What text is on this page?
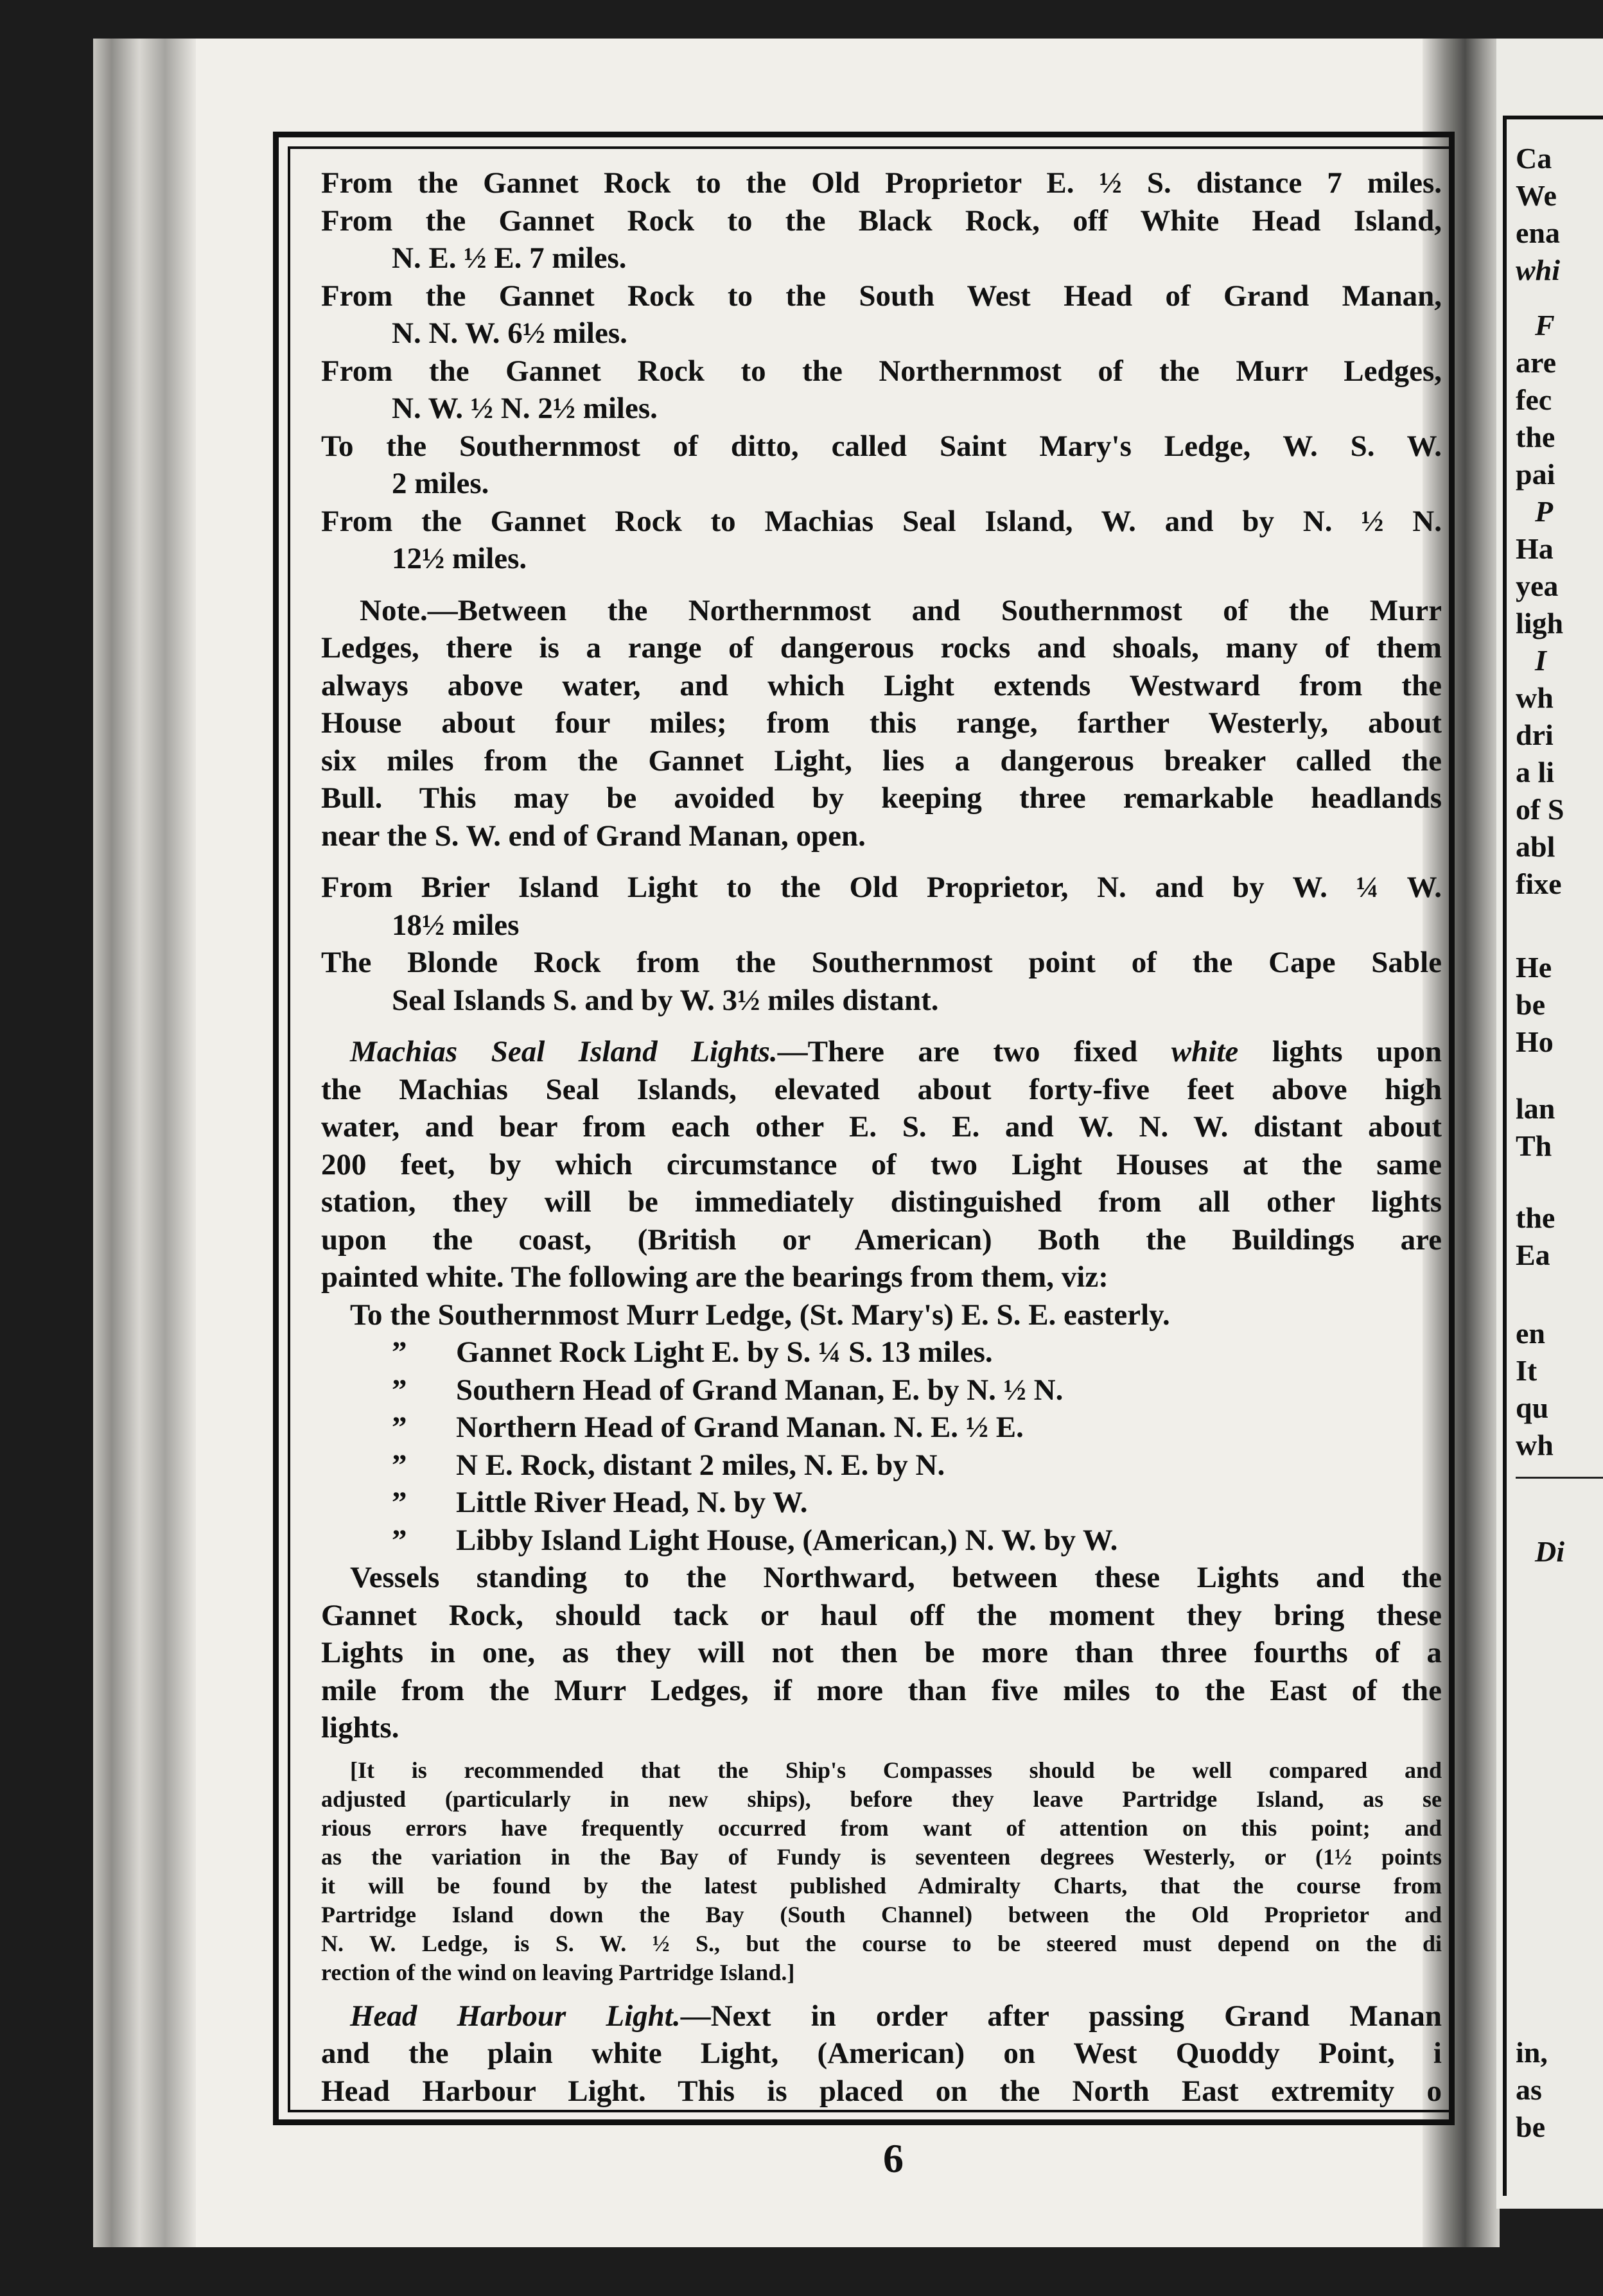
Ca
We
ena
whi
F
are
fec
the
pai
P
Ha
yea
ligh
I
wh
dri
a li
of S
abl
fixe
He
be
Ho
lan
Th
the
Ea
en
It
qu
wh
Di
in,
as
be
From the Gannet Rock to the Old Proprietor E. ½ S. distance 7 miles.
From the Gannet Rock to the Black Rock, off White Head Island,
N. E. ½ E. 7 miles.
From the Gannet Rock to the South West Head of Grand Manan,
N. N. W. 6½ miles.
From the Gannet Rock to the Northernmost of the Murr Ledges,
N. W. ½ N. 2½ miles.
To the Southernmost of ditto, called Saint Mary's Ledge, W. S. W.
2 miles.
From the Gannet Rock to Machias Seal Island, W. and by N. ½ N.
12½ miles.
Note.—Between the Northernmost and Southernmost of the Murr
Ledges, there is a range of dangerous rocks and shoals, many of them
always above water, and which Light extends Westward from the
House about four miles; from this range, farther Westerly, about
six miles from the Gannet Light, lies a dangerous breaker called the
Bull. This may be avoided by keeping three remarkable headlands
near the S. W. end of Grand Manan, open.
From Brier Island Light to the Old Proprietor, N. and by W. ¼ W.
18½ miles
The Blonde Rock from the Southernmost point of the Cape Sable
Seal Islands S. and by W. 3½ miles distant.
Machias Seal Island Lights.—There are two fixed white lights upon
the Machias Seal Islands, elevated about forty-five feet above high
water, and bear from each other E. S. E. and W. N. W. distant about
200 feet, by which circumstance of two Light Houses at the same
station, they will be immediately distinguished from all other lights
upon the coast, (British or American) Both the Buildings are
painted white. The following are the bearings from them, viz:
To the Southernmost Murr Ledge, (St. Mary's) E. S. E. easterly.
” Gannet Rock Light E. by S. ¼ S. 13 miles.
” Southern Head of Grand Manan, E. by N. ½ N.
” Northern Head of Grand Manan. N. E. ½ E.
” N E. Rock, distant 2 miles, N. E. by N.
” Little River Head, N. by W.
” Libby Island Light House, (American,) N. W. by W.
Vessels standing to the Northward, between these Lights and the
Gannet Rock, should tack or haul off the moment they bring these
Lights in one, as they will not then be more than three fourths of a
mile from the Murr Ledges, if more than five miles to the East of the
lights.
[It is recommended that the Ship's Compasses should be well compared and
adjusted (particularly in new ships), before they leave Partridge Island, as se
rious errors have frequently occurred from want of attention on this point; and
as the variation in the Bay of Fundy is seventeen degrees Westerly, or (1½ points
it will be found by the latest published Admiralty Charts, that the course from
Partridge Island down the Bay (South Channel) between the Old Proprietor and
N. W. Ledge, is S. W. ½ S., but the course to be steered must depend on the di
rection of the wind on leaving Partridge Island.]
Head Harbour Light.—Next in order after passing Grand Manan
and the plain white Light, (American) on West Quoddy Point, i
Head Harbour Light. This is placed on the North East extremity o
6
